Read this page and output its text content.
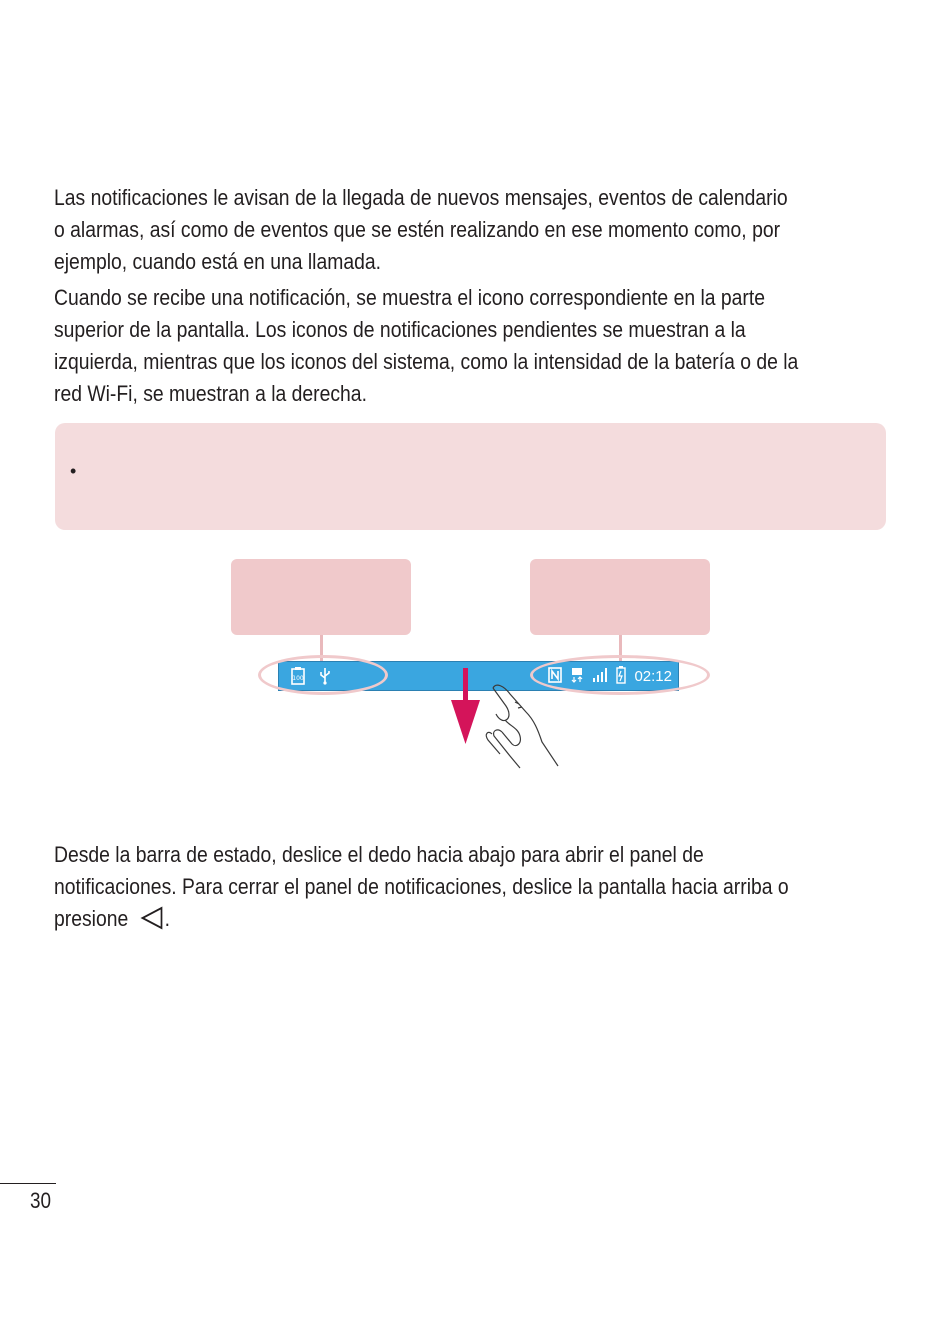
Las notificaciones le avisan de la llegada de nuevos mensajes, eventos de calendario
o alarmas, así como de eventos que se estén realizando en ese momento como, por
ejemplo, cuando está en una llamada.
Cuando se recibe una notificación, se muestra el icono correspondiente en la parte
superior de la pantalla. Los iconos de notificaciones pendientes se muestran a la
izquierda, mientras que los iconos del sistema, como la intensidad de la batería o de la
red Wi-Fi, se muestran a la derecha.
•
100	02:12
Desde la barra de estado, deslice el dedo hacia abajo para abrir el panel de
notificaciones. Para cerrar el panel de notificaciones, deslice la pantalla hacia arriba o
presione .
30
